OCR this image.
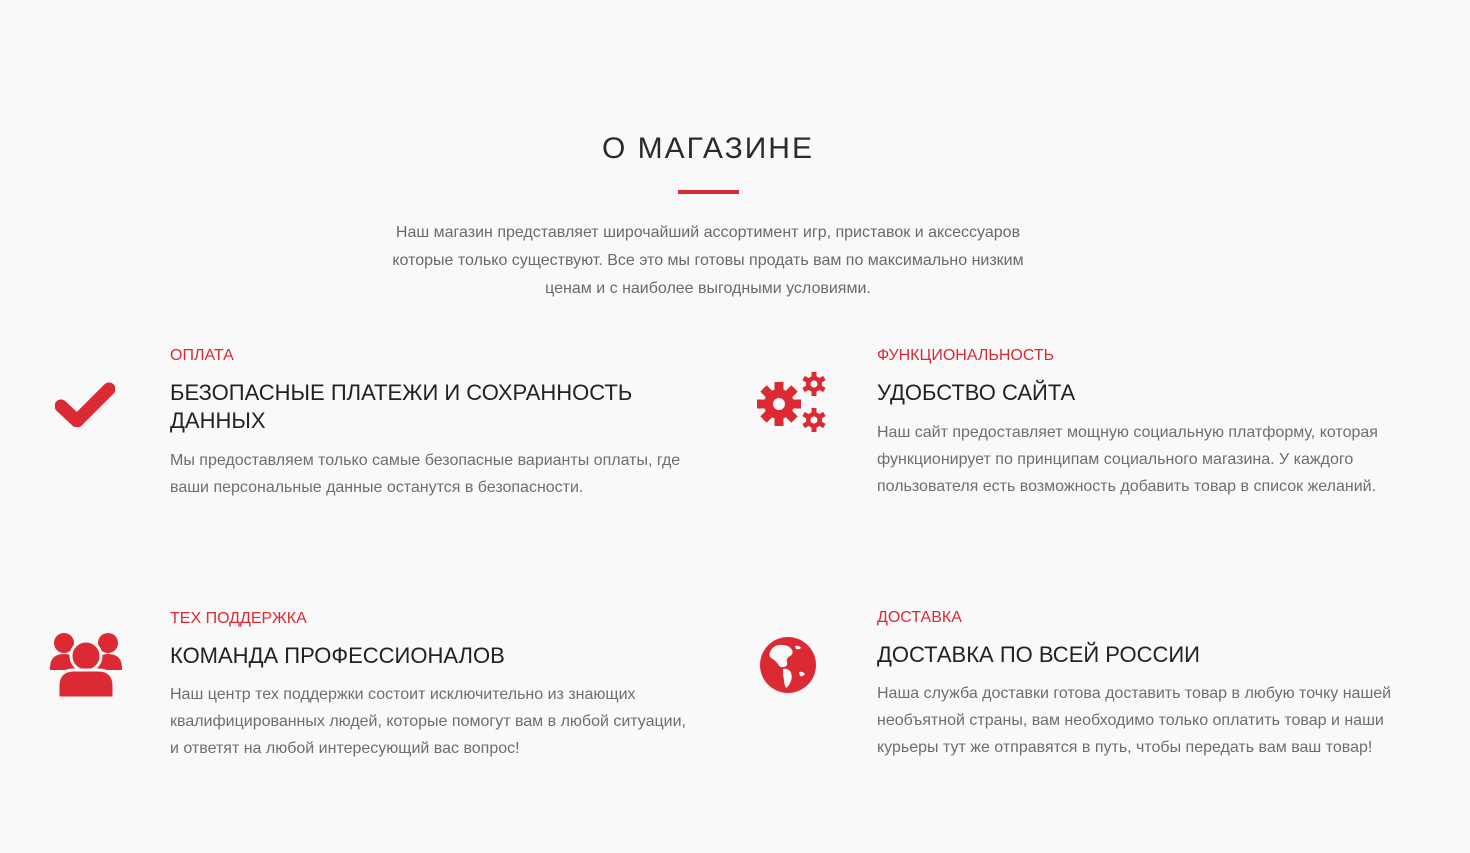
О МАГАЗИНЕ

Наш магазин представляет широчайший ассортимент игр, приставок и аксессуаров которые только существуют. Все это мы готовы продать вам по максимально низким ценам и с наиболее выгодными условиями.

ОПЛАТА
БЕЗОПАСНЫЕ ПЛАТЕЖИ И СОХРАННОСТЬ ДАННЫХ

Мы предоставляем только самые безопасные варианты оплаты, где ваши персональные данные останутся в безопасности.

ФУНКЦИОНАЛЬНОСТЬ
УДОБСТВО САЙТА

Наш сайт предоставляет мощную социальную платформу, которая функционирует по принципам социального магазина. У каждого пользователя есть возможность добавить товар в список желаний.

ТЕХ ПОДДЕРЖКА
КОМАНДА ПРОФЕССИОНАЛОВ

Наш центр тех поддержки состоит исключительно из знающих квалифицированных людей, которые помогут вам в любой ситуации, и ответят на любой интересующий вас вопрос!

ДОСТАВКА
ДОСТАВКА ПО ВСЕЙ РОССИИ

Наша служба доставки готова доставить товар в любую точку нашей необъятной страны, вам необходимо только оплатить товар и наши курьеры тут же отправятся в путь, чтобы передать вам ваш товар!
